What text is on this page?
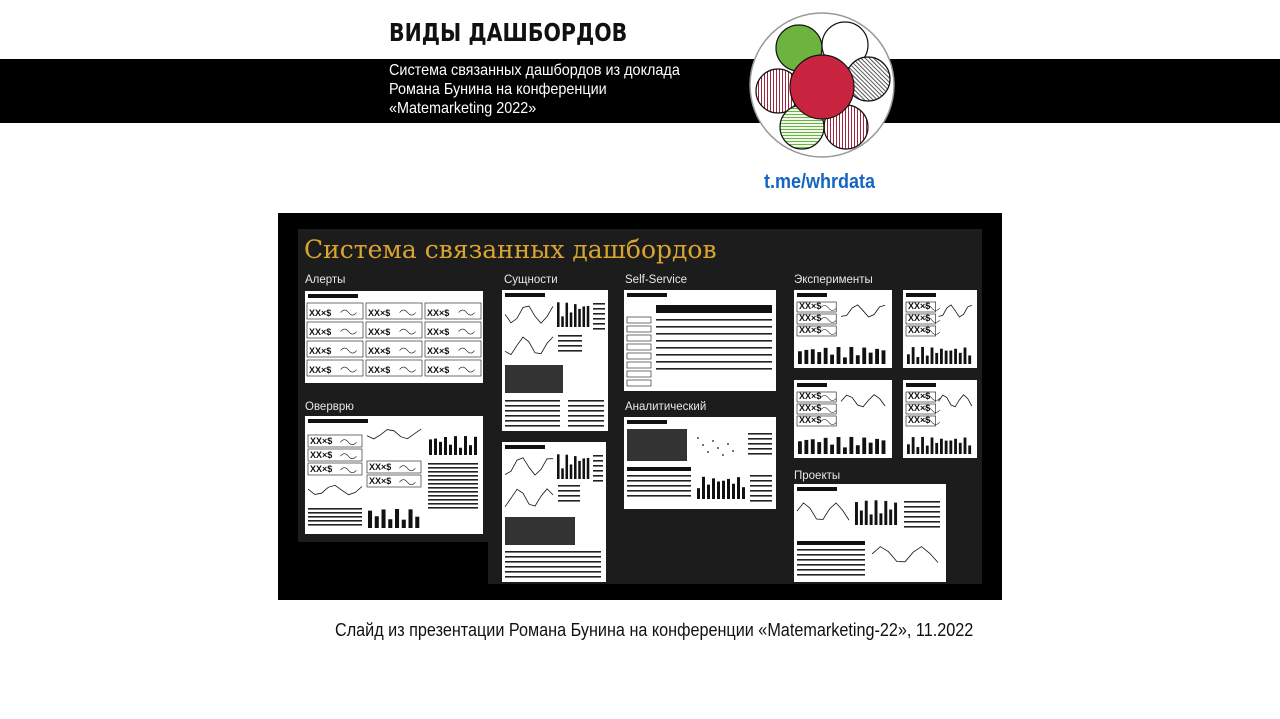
ВИДЫ ДАШБОРДОВ
Система связанных дашбордов из доклада
Романа Бунина на конференции
«Matemarketing 2022»
t.me/whrdata
Система связанных дашбордов
Алерты	Сущности	Self-Service	Эксперименты
Оверврю	Аналитический
Проекты
XX×$	XX×$	XX×$
XX×$	XX×$	XX×$
XX×$	XX×$	XX×$
XX×$	XX×$	XX×$
XX×$
XX×$
XX×$	XX×$
XX×$
XX×$
XX×$
XX×$
XX×$
XX×$
XX×$
XX×$
XX×$
XX×$
XX×$
XX×$
XX×$
Слайд из презентации Романа Бунина на конференции «Matemarketing-22», 11.2022
